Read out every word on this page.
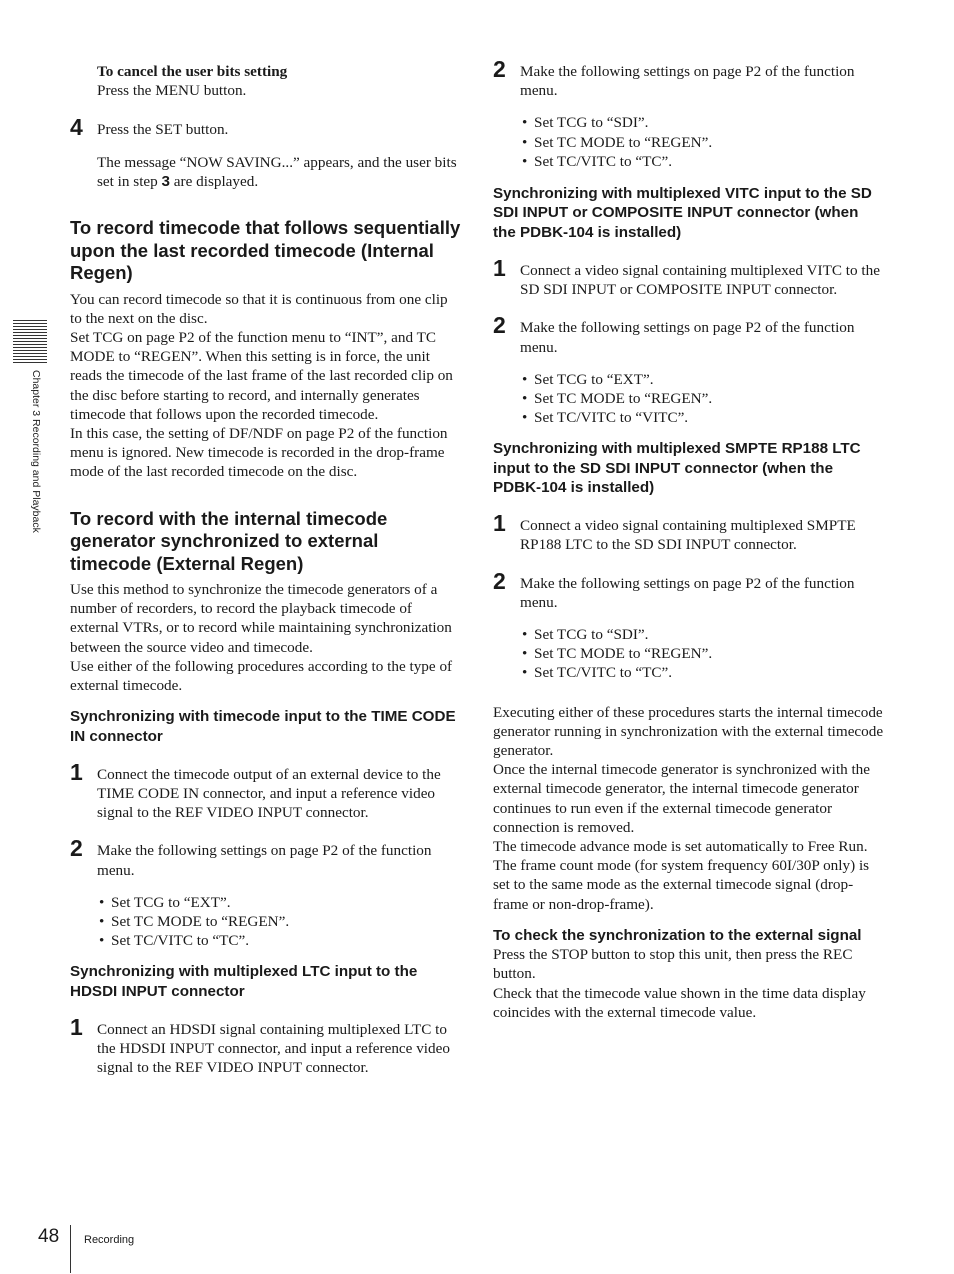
Chapter 3 Recording and Playback

To cancel the user bits setting

Press the MENU button.

4 Press the SET button.

The message “NOW SAVING...” appears, and the user bits set in step 3 are displayed.

To record timecode that follows sequentially upon the last recorded timecode (Internal Regen)

You can record timecode so that it is continuous from one clip to the next on the disc.

Set TCG on page P2 of the function menu to “INT”, and TC MODE to “REGEN”. When this setting is in force, the unit reads the timecode of the last frame of the last recorded clip on the disc before starting to record, and internally generates timecode that follows upon the recorded timecode.

In this case, the setting of DF/NDF on page P2 of the function menu is ignored. New timecode is recorded in the drop-frame mode of the last recorded timecode on the disc.

To record with the internal timecode generator synchronized to external timecode (External Regen)

Use this method to synchronize the timecode generators of a number of recorders, to record the playback timecode of external VTRs, or to record while maintaining synchronization between the source video and timecode.

Use either of the following procedures according to the type of external timecode.

Synchronizing with timecode input to the TIME CODE IN connector
1 Connect the timecode output of an external device to the TIME CODE IN connector, and input a reference video signal to the REF VIDEO INPUT connector.

2 Make the following settings on page P2 of the function menu.

• Set TCG to “EXT”.
• Set TC MODE to “REGEN”.
• Set TC/VITC to “TC”.
Synchronizing with multiplexed LTC input to the HDSDI INPUT connector
1 Connect an HDSDI signal containing multiplexed LTC to the HDSDI INPUT connector, and input a reference video signal to the REF VIDEO INPUT connector.

2 Make the following settings on page P2 of the function menu.

• Set TCG to “SDI”.
• Set TC MODE to “REGEN”.
• Set TC/VITC to “TC”.
Synchronizing with multiplexed VITC input to the SD SDI INPUT or COMPOSITE INPUT connector (when the PDBK-104 is installed)
1 Connect a video signal containing multiplexed VITC to the SD SDI INPUT or COMPOSITE INPUT connector.

2 Make the following settings on page P2 of the function menu.

• Set TCG to “EXT”.
• Set TC MODE to “REGEN”.
• Set TC/VITC to “VITC”.
Synchronizing with multiplexed SMPTE RP188 LTC input to the SD SDI INPUT connector (when the PDBK-104 is installed)
1 Connect a video signal containing multiplexed SMPTE RP188 LTC to the SD SDI INPUT connector.

2 Make the following settings on page P2 of the function menu.

• Set TCG to “SDI”.
• Set TC MODE to “REGEN”.
• Set TC/VITC to “TC”.

Executing either of these procedures starts the internal timecode generator running in synchronization with the external timecode generator.

Once the internal timecode generator is synchronized with the external timecode generator, the internal timecode generator continues to run even if the external timecode generator connection is removed.

The timecode advance mode is set automatically to Free Run. The frame count mode (for system frequency 60I/30P only) is set to the same mode as the external timecode signal (drop-frame or non-drop-frame).

To check the synchronization to the external signal

Press the STOP button to stop this unit, then press the REC button.

Check that the timecode value shown in the time data display coincides with the external timecode value.

48 Recording
